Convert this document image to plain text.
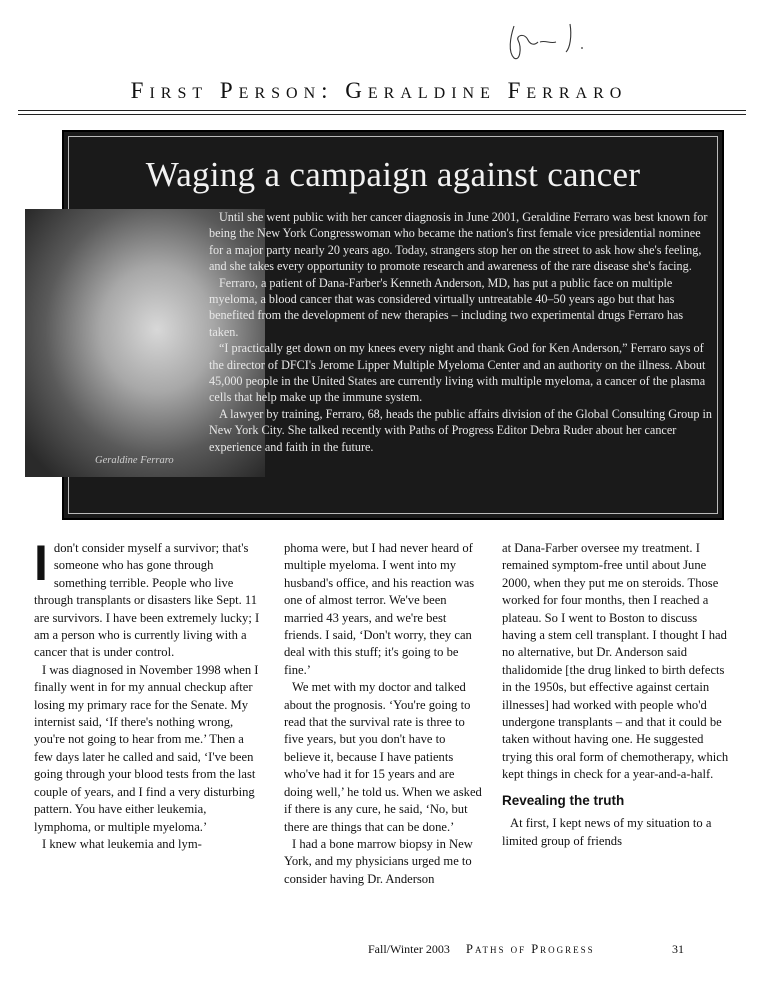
First Person: Geraldine Ferraro
Waging a campaign against cancer

Until she went public with her cancer diagnosis in June 2001, Geraldine Ferraro was best known for being the New York Congresswoman who became the nation's first female vice presidential nominee for a major party nearly 20 years ago. Today, strangers stop her on the street to ask how she's feeling, and she takes every opportunity to promote research and awareness of the rare disease she's facing.

Ferraro, a patient of Dana-Farber's Kenneth Anderson, MD, has put a public face on multiple myeloma, a blood cancer that was considered virtually untreatable 40–50 years ago but that has benefited from the development of new therapies – including two experimental drugs Ferraro has taken.

“I practically get down on my knees every night and thank God for Ken Anderson,” Ferraro says of the director of DFCI's Jerome Lipper Multiple Myeloma Center and an authority on the illness. About 45,000 people in the United States are currently living with multiple myeloma, a cancer of the plasma cells that help make up the immune system.

A lawyer by training, Ferraro, 68, heads the public affairs division of the Global Consulting Group in New York City. She talked recently with Paths of Progress Editor Debra Ruder about her cancer experience and faith in the future.

Geraldine Ferraro

I don't consider myself a survivor; that's someone who has gone through something terrible. People who live through transplants or disasters like Sept. 11 are survivors. I have been extremely lucky; I am a person who is currently living with a cancer that is under control.

I was diagnosed in November 1998 when I finally went in for my annual checkup after losing my primary race for the Senate. My internist said, ‘If there's nothing wrong, you're not going to hear from me.’ Then a few days later he called and said, ‘I've been going through your blood tests from the last couple of years, and I find a very disturbing pattern. You have either leukemia, lymphoma, or multiple myeloma.’

I knew what leukemia and lym-

phoma were, but I had never heard of multiple myeloma. I went into my husband's office, and his reaction was one of almost terror. We've been married 43 years, and we're best friends. I said, ‘Don't worry, they can deal with this stuff; it's going to be fine.’

We met with my doctor and talked about the prognosis. ‘You're going to read that the survival rate is three to five years, but you don't have to believe it, because I have patients who've had it for 15 years and are doing well,’ he told us. When we asked if there is any cure, he said, ‘No, but there are things that can be done.’

I had a bone marrow biopsy in New York, and my physicians urged me to consider having Dr. Anderson

at Dana-Farber oversee my treatment. I remained symptom-free until about June 2000, when they put me on steroids. Those worked for four months, then I reached a plateau. So I went to Boston to discuss having a stem cell transplant. I thought I had no alternative, but Dr. Anderson said thalidomide [the drug linked to birth defects in the 1950s, but effective against certain illnesses] had worked with people who'd undergone transplants – and that it could be taken without having one. He suggested trying this oral form of chemotherapy, which kept things in check for a year-and-a-half.

Revealing the truth

At first, I kept news of my situation to a limited group of friends

Fall/Winter 2003 Paths of Progress	31
